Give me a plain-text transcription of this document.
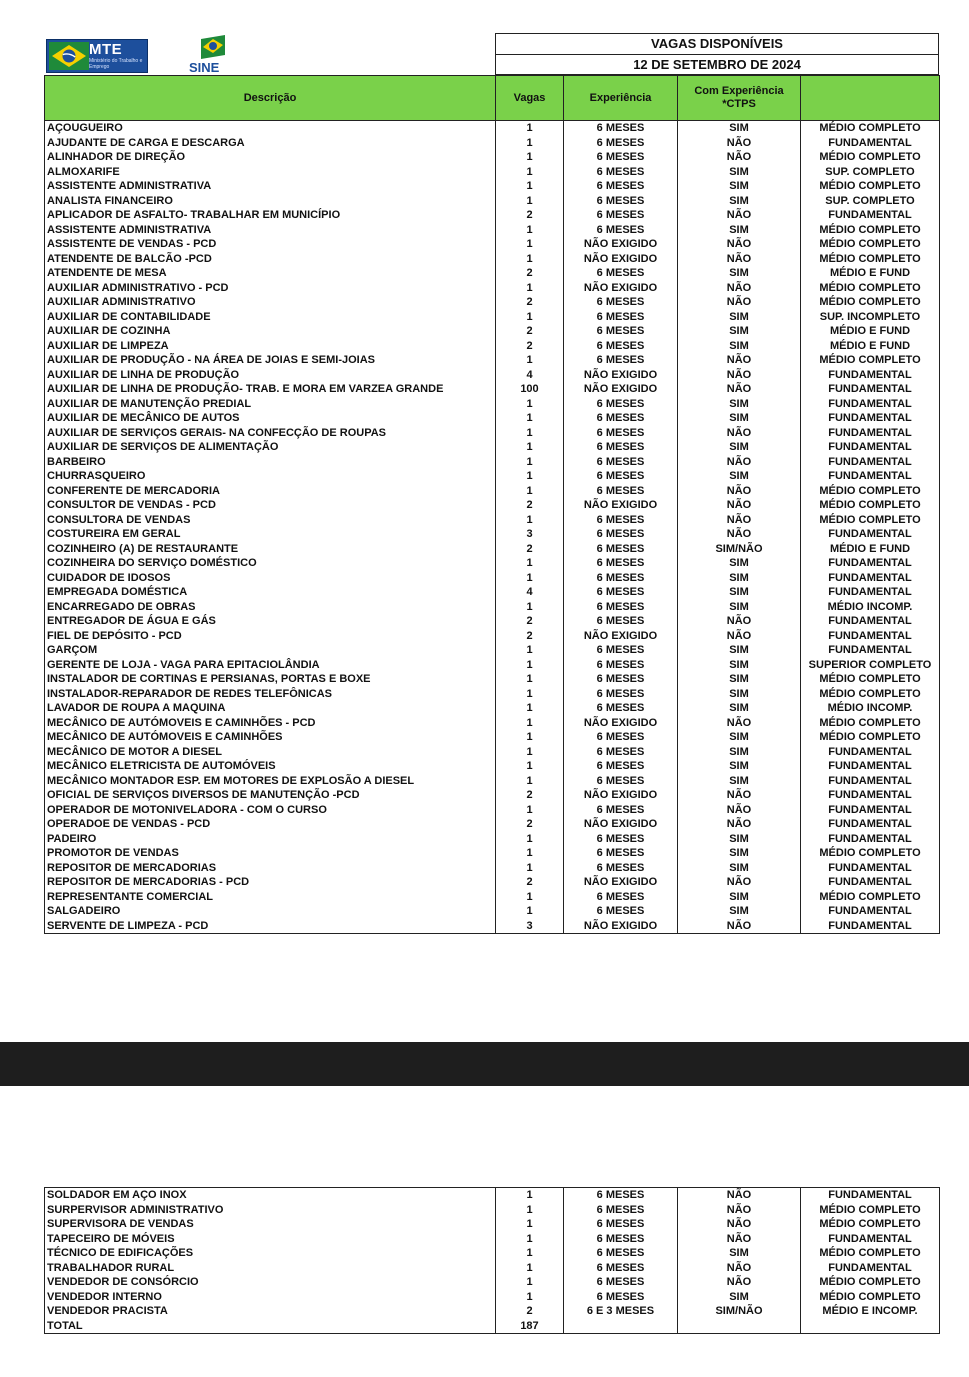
MTE
Ministério do Trabalho e Emprego	SINE
VAGAS DISPONÍVEIS
12 DE SETEMBRO DE 2024
Descrição	Vagas	Experiência	Com Experiência *CTPS	
AÇOUGUEIRO	1	6 MESES	SIM	MÉDIO COMPLETO
AJUDANTE DE CARGA E DESCARGA	1	6 MESES	NÃO	FUNDAMENTAL
ALINHADOR DE DIREÇÃO	1	6 MESES	NÃO	MÉDIO COMPLETO
ALMOXARIFE	1	6 MESES	SIM	SUP. COMPLETO
ASSISTENTE ADMINISTRATIVA	1	6 MESES	SIM	MÉDIO COMPLETO
ANALISTA FINANCEIRO	1	6 MESES	SIM	SUP. COMPLETO
APLICADOR DE ASFALTO- TRABALHAR EM MUNICÍPIO	2	6 MESES	NÃO	FUNDAMENTAL
ASSISTENTE ADMINISTRATIVA	1	6 MESES	SIM	MÉDIO COMPLETO
ASSISTENTE DE VENDAS - PCD	1	NÃO EXIGIDO	NÃO	MÉDIO COMPLETO
ATENDENTE DE BALCÃO -PCD	1	NÃO EXIGIDO	NÃO	MÉDIO COMPLETO
ATENDENTE DE MESA	2	6 MESES	SIM	MÉDIO E FUND
AUXILIAR ADMINISTRATIVO - PCD	1	NÃO EXIGIDO	NÃO	MÉDIO COMPLETO
AUXILIAR ADMINISTRATIVO	2	6 MESES	NÃO	MÉDIO COMPLETO
AUXILIAR DE CONTABILIDADE	1	6 MESES	SIM	SUP. INCOMPLETO
AUXILIAR DE COZINHA	2	6 MESES	SIM	MÉDIO E FUND
AUXILIAR DE LIMPEZA	2	6 MESES	SIM	MÉDIO E FUND
AUXILIAR DE PRODUÇÃO - NA ÁREA DE JOIAS E SEMI-JOIAS	1	6 MESES	NÃO	MÉDIO COMPLETO
AUXILIAR DE LINHA DE PRODUÇÃO	4	NÃO EXIGIDO	NÃO	FUNDAMENTAL
AUXILIAR DE LINHA DE PRODUÇÃO- TRAB. E MORA EM VARZEA GRANDE	100	NÃO EXIGIDO	NÃO	FUNDAMENTAL
AUXILIAR DE MANUTENÇÃO PREDIAL	1	6 MESES	SIM	FUNDAMENTAL
AUXILIAR DE MECÂNICO DE AUTOS	1	6 MESES	SIM	FUNDAMENTAL
AUXILIAR DE SERVIÇOS GERAIS- NA CONFECÇÃO DE ROUPAS	1	6 MESES	NÃO	FUNDAMENTAL
AUXILIAR DE SERVIÇOS DE ALIMENTAÇÃO	1	6 MESES	SIM	FUNDAMENTAL
BARBEIRO	1	6 MESES	NÃO	FUNDAMENTAL
CHURRASQUEIRO	1	6 MESES	SIM	FUNDAMENTAL
CONFERENTE DE MERCADORIA	1	6 MESES	NÃO	MÉDIO COMPLETO
CONSULTOR DE VENDAS - PCD	2	NÃO EXIGIDO	NÃO	MÉDIO COMPLETO
CONSULTORA DE VENDAS	1	6 MESES	NÃO	MÉDIO COMPLETO
COSTUREIRA EM GERAL	3	6 MESES	NÃO	FUNDAMENTAL
COZINHEIRO (A) DE RESTAURANTE	2	6 MESES	SIM/NÃO	MÉDIO E FUND
COZINHEIRA DO SERVIÇO DOMÉSTICO	1	6 MESES	SIM	FUNDAMENTAL
CUIDADOR DE IDOSOS	1	6 MESES	SIM	FUNDAMENTAL
EMPREGADA DOMÉSTICA	4	6 MESES	SIM	FUNDAMENTAL
ENCARREGADO DE OBRAS	1	6 MESES	SIM	MÉDIO INCOMP.
ENTREGADOR DE ÁGUA E GÁS	2	6 MESES	NÃO	FUNDAMENTAL
FIEL DE DEPÓSITO - PCD	2	NÃO EXIGIDO	NÃO	FUNDAMENTAL
GARÇOM	1	6 MESES	SIM	FUNDAMENTAL
GERENTE DE LOJA - VAGA PARA EPITACIOLÂNDIA	1	6 MESES	SIM	SUPERIOR COMPLETO
INSTALADOR DE CORTINAS E PERSIANAS, PORTAS E BOXE	1	6 MESES	SIM	MÉDIO COMPLETO
INSTALADOR-REPARADOR DE REDES TELEFÔNICAS	1	6 MESES	SIM	MÉDIO COMPLETO
LAVADOR DE ROUPA A MAQUINA	1	6 MESES	SIM	MÉDIO INCOMP.
MECÂNICO DE AUTÓMOVEIS E CAMINHÕES - PCD	1	NÃO EXIGIDO	NÃO	MÉDIO COMPLETO
MECÂNICO DE AUTÓMOVEIS E CAMINHÕES	1	6 MESES	SIM	MÉDIO COMPLETO
MECÂNICO DE MOTOR A DIESEL	1	6 MESES	SIM	FUNDAMENTAL
MECÂNICO ELETRICISTA DE AUTOMÓVEIS	1	6 MESES	SIM	FUNDAMENTAL
MECÂNICO MONTADOR ESP. EM MOTORES DE EXPLOSÃO A DIESEL	1	6 MESES	SIM	FUNDAMENTAL
OFICIAL DE SERVIÇOS DIVERSOS DE MANUTENÇÃO -PCD	2	NÃO EXIGIDO	NÃO	FUNDAMENTAL
OPERADOR DE MOTONIVELADORA - COM O CURSO	1	6 MESES	NÃO	FUNDAMENTAL
OPERADOE DE VENDAS - PCD	2	NÃO EXIGIDO	NÃO	FUNDAMENTAL
PADEIRO	1	6 MESES	SIM	FUNDAMENTAL
PROMOTOR DE VENDAS	1	6 MESES	SIM	MÉDIO COMPLETO
REPOSITOR DE MERCADORIAS	1	6 MESES	SIM	FUNDAMENTAL
REPOSITOR DE MERCADORIAS - PCD	2	NÃO EXIGIDO	NÃO	FUNDAMENTAL
REPRESENTANTE COMERCIAL	1	6 MESES	SIM	MÉDIO COMPLETO
SALGADEIRO	1	6 MESES	SIM	FUNDAMENTAL
SERVENTE DE LIMPEZA - PCD	3	NÃO EXIGIDO	NÃO	FUNDAMENTAL
SOLDADOR EM AÇO INOX	1	6 MESES	NÃO	FUNDAMENTAL
SURPERVISOR ADMINISTRATIVO	1	6 MESES	NÃO	MÉDIO COMPLETO
SUPERVISORA DE VENDAS	1	6 MESES	NÃO	MÉDIO COMPLETO
TAPECEIRO DE MÓVEIS	1	6 MESES	NÃO	FUNDAMENTAL
TÉCNICO DE EDIFICAÇÕES	1	6 MESES	SIM	MÉDIO COMPLETO
TRABALHADOR RURAL	1	6 MESES	NÃO	FUNDAMENTAL
VENDEDOR DE CONSÓRCIO	1	6 MESES	NÃO	MÉDIO COMPLETO
VENDEDOR INTERNO	1	6 MESES	SIM	MÉDIO COMPLETO
VENDEDOR PRACISTA	2	6 E 3 MESES	SIM/NÃO	MÉDIO E INCOMP.
TOTAL	187			
